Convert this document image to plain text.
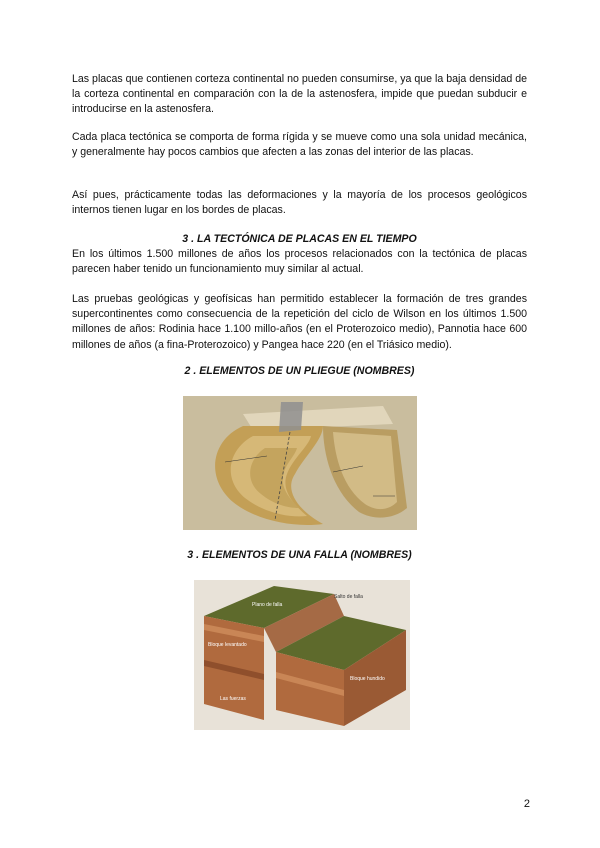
Las placas que contienen corteza continental no pueden consumirse, ya que la baja densidad de la corteza continental en comparación con la de la astenosfera, impide que puedan subducir e introducirse en la astenosfera.

Cada placa tectónica se comporta de forma rígida y se mueve como una sola unidad mecánica, y generalmente hay pocos cambios que afecten a las zonas del interior de las placas.

Así pues, prácticamente todas las deformaciones y la mayoría de los procesos geológicos internos tienen lugar en los bordes de placas.

3 . LA TECTÓNICA DE PLACAS EN EL TIEMPO

En los últimos 1.500 millones de años los procesos relacionados con la tectónica de placas parecen haber tenido un funcionamiento muy similar al actual.

Las pruebas geológicas y geofísicas han permitido establecer la formación de tres grandes supercontinentes como consecuencia de la repetición del ciclo de Wilson en los últimos 1.500 millones de años: Rodinia hace 1.100 millo-años (en el Proterozoico medio), Pannotia hace 600 millones de años (a fina-Proterozoico) y Pangea hace 220 (en el Triásico medio).

2 . ELEMENTOS DE UN PLIEGUE (NOMBRES)

3 . ELEMENTOS DE UNA FALLA (NOMBRES)

Plano de falla
Salto de falla
Bloque levantado
Bloque hundido
Las fuerzas
2
